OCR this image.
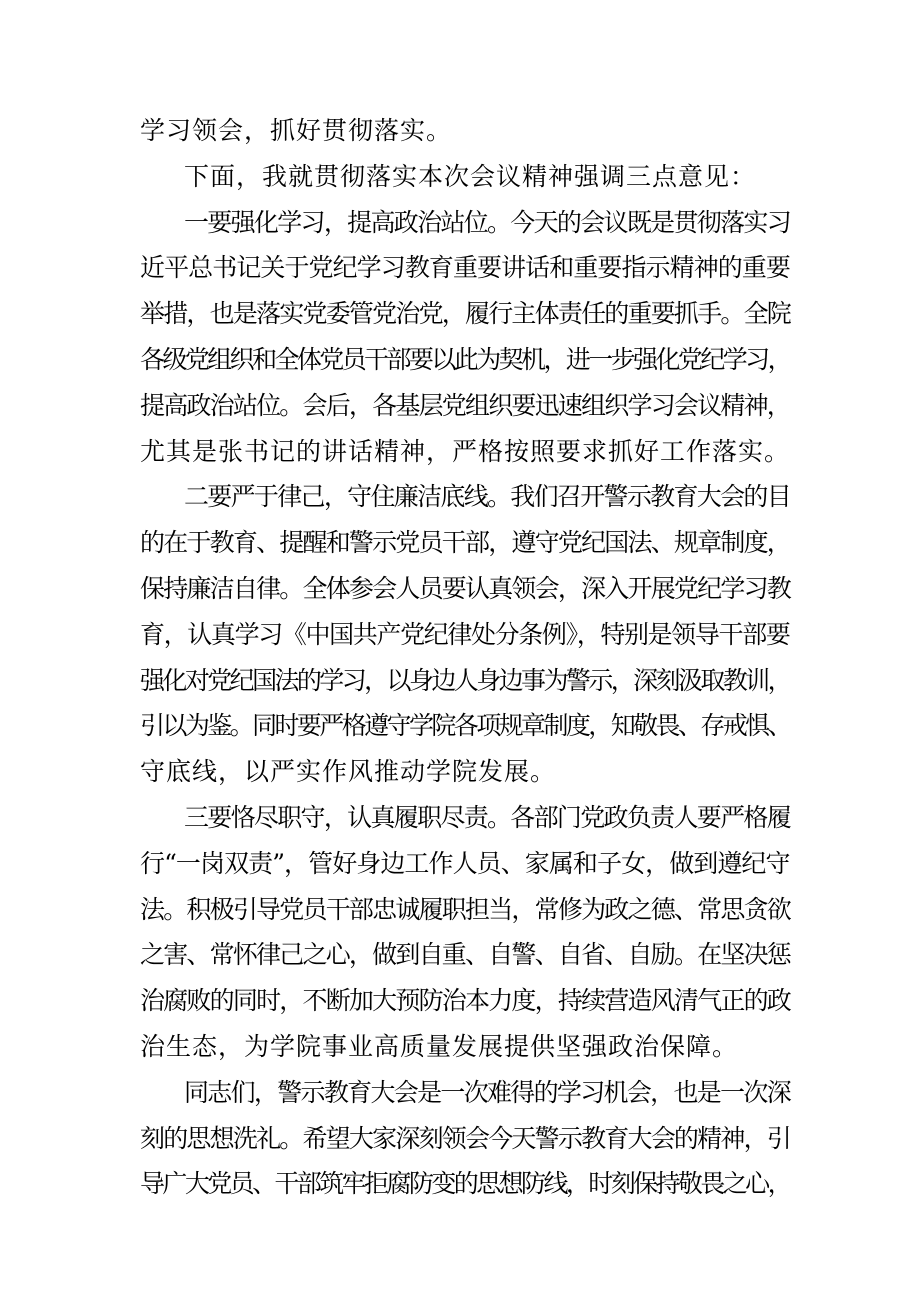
学习领会，抓好贯彻落实。
下面，我就贯彻落实本次会议精神强调三点意见：
一要强化学习，提高政治站位。今天的会议既是贯彻落实习
近平总书记关于党纪学习教育重要讲话和重要指示精神的重要
举措，也是落实党委管党治党，履行主体责任的重要抓手。全院
各级党组织和全体党员干部要以此为契机，进一步强化党纪学习，
提高政治站位。会后，各基层党组织要迅速组织学习会议精神，
尤其是张书记的讲话精神，严格按照要求抓好工作落实。
二要严于律己，守住廉洁底线。我们召开警示教育大会的目
的在于教育、提醒和警示党员干部，遵守党纪国法、规章制度，
保持廉洁自律。全体参会人员要认真领会，深入开展党纪学习教
育，认真学习《中国共产党纪律处分条例》，特别是领导干部要
强化对党纪国法的学习，以身边人身边事为警示，深刻汲取教训，
引以为鉴。同时要严格遵守学院各项规章制度，知敬畏、存戒惧、
守底线，以严实作风推动学院发展。
三要恪尽职守，认真履职尽责。各部门党政负责人要严格履
行“一岗双责”，管好身边工作人员、家属和子女，做到遵纪守
法。积极引导党员干部忠诚履职担当，常修为政之德、常思贪欲
之害、常怀律己之心，做到自重、自警、自省、自励。在坚决惩
治腐败的同时，不断加大预防治本力度，持续营造风清气正的政
治生态，为学院事业高质量发展提供坚强政治保障。
同志们，警示教育大会是一次难得的学习机会，也是一次深
刻的思想洗礼。希望大家深刻领会今天警示教育大会的精神，引
导广大党员、干部筑牢拒腐防变的思想防线，时刻保持敬畏之心，
